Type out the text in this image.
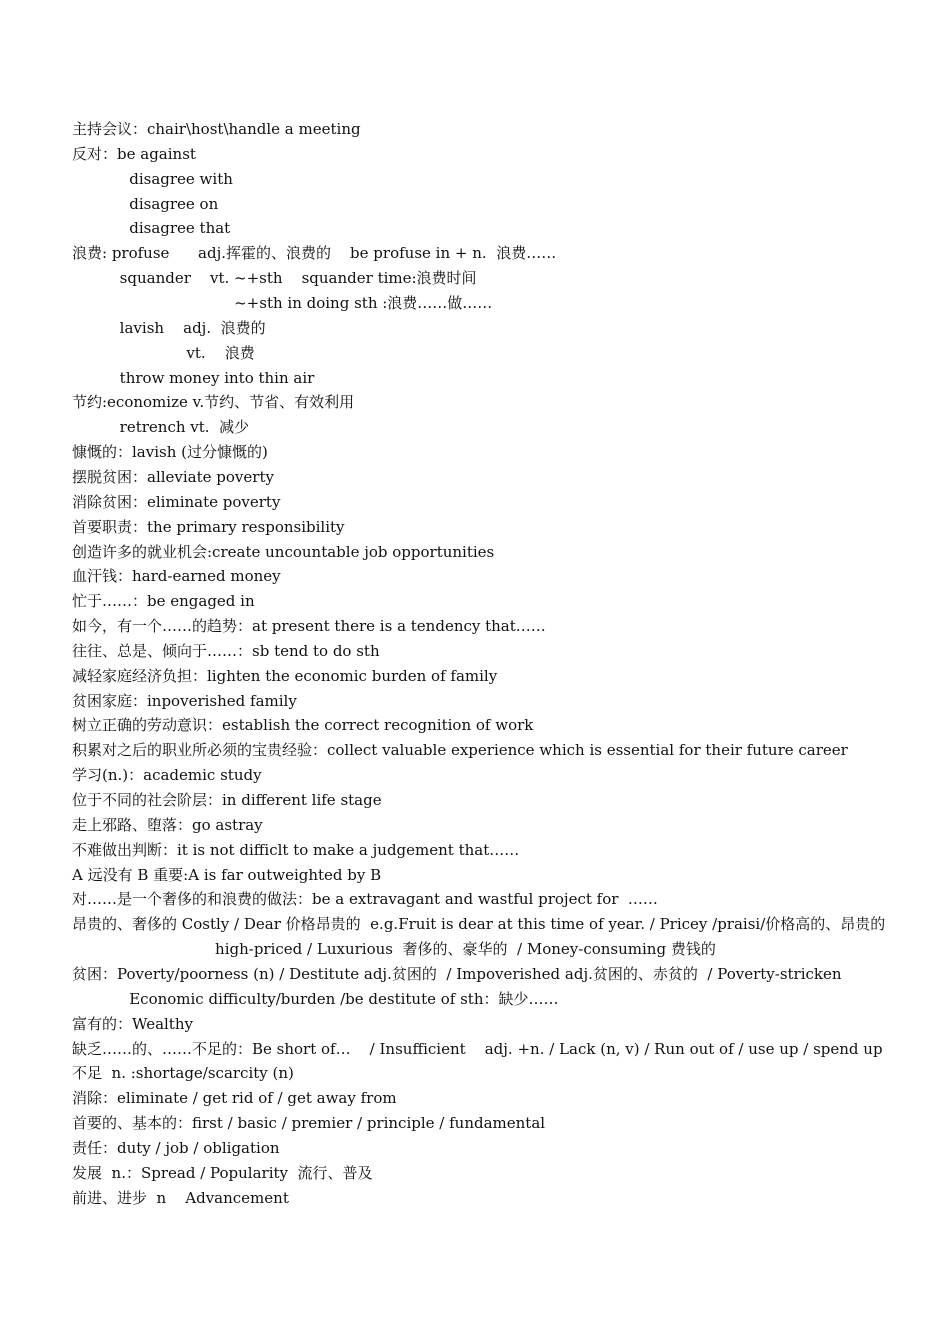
主持会议：chair\host\handle a meeting
反对：be against
disagree with
disagree on
disagree that
浪费: profuse      adj.挥霍的、浪费的    be profuse in + n.  浪费……
squander    vt. ~+sth    squander time:浪费时间
~+sth in doing sth :浪费……做……
lavish    adj.  浪费的
vt.    浪费
throw money into thin air
节约:economize v.节约、节省、有效利用
retrench vt.  减少
慷慨的：lavish (过分慷慨的)
摆脱贫困：alleviate poverty
消除贫困：eliminate poverty
首要职责：the primary responsibility
创造许多的就业机会:create uncountable job opportunities
血汗钱：hard-earned money
忙于……：be engaged in
如今，有一个……的趋势：at present there is a tendency that……
往往、总是、倾向于……：sb tend to do sth
减轻家庭经济负担：lighten the economic burden of family
贫困家庭：inpoverished family
树立正确的劳动意识：establish the correct recognition of work
积累对之后的职业所必须的宝贵经验：collect valuable experience which is essential for their future career
学习(n.)：academic study
位于不同的社会阶层：in different life stage
走上邪路、堕落：go astray
不难做出判断：it is not difficlt to make a judgement that……
A 远没有 B 重要:A is far outweighted by B
对……是一个奢侈的和浪费的做法：be a extravagant and wastful project for  ……
昂贵的、奢侈的 Costly / Dear 价格昂贵的  e.g.Fruit is dear at this time of year. / Pricey /praisi/价格高的、昂贵的
high-priced / Luxurious  奢侈的、豪华的  / Money-consuming 费钱的
贫困：Poverty/poorness (n) / Destitute adj.贫困的  / Impoverished adj.贫困的、赤贫的  / Poverty-stricken
Economic difficulty/burden /be destitute of sth：缺少……
富有的：Wealthy
缺乏……的、……不足的：Be short of…    / Insufficient    adj. +n. / Lack (n, v) / Run out of / use up / spend up
不足  n. :shortage/scarcity (n)
消除：eliminate / get rid of / get away from
首要的、基本的：first / basic / premier / principle / fundamental
责任：duty / job / obligation
发展  n.：Spread / Popularity  流行、普及
前进、进步  n    Advancement
